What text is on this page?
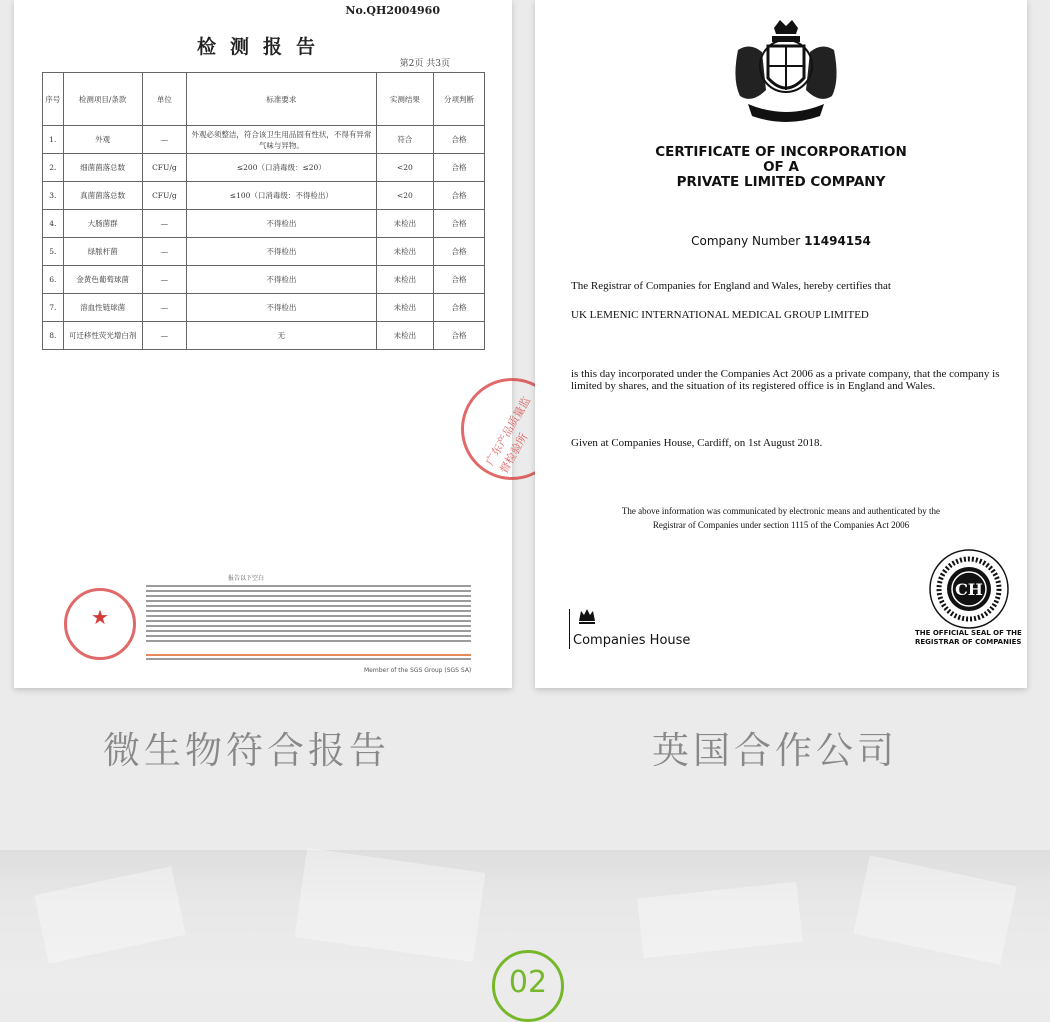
No.QH2004960
检测报告
第2页 共3页
序号	检测项目/条款	单位	标准要求	实测结果	分项判断
1.	外观	—	外观必须整洁，符合该卫生用品固有性状，不得有异常气味与异物。	符合	合格
2.	细菌菌落总数	CFU/g	≤200（口消毒级：≤20）	<20	合格
3.	真菌菌落总数	CFU/g	≤100（口消毒级：不得检出）	<20	合格
4.	大肠菌群	—	不得检出	未检出	合格
5.	绿脓杆菌	—	不得检出	未检出	合格
6.	金黄色葡萄球菌	—	不得检出	未检出	合格
7.	溶血性链球菌	—	不得检出	未检出	合格
8.	可迁移性荧光增白剂	—	无	未检出	合格
广东产品质量监督检验所
报告以下空白
★
Member of the SGS Group (SGS SA)
CERTIFICATE OF INCORPORATION
OF A
PRIVATE LIMITED COMPANY
Company Number 11494154
The Registrar of Companies for England and Wales, hereby certifies that
UK LEMENIC INTERNATIONAL MEDICAL GROUP LIMITED
is this day incorporated under the Companies Act 2006 as a private company, that the company is limited by shares, and the situation of its registered office is in England and Wales.
Given at Companies House, Cardiff, on 1st August 2018.
The above information was communicated by electronic means and authenticated by the
Registrar of Companies under section 1115 of the Companies Act 2006
Companies House
CH
THE OFFICIAL SEAL OF THE
REGISTRAR OF COMPANIES
微生物符合报告	英国合作公司
02
